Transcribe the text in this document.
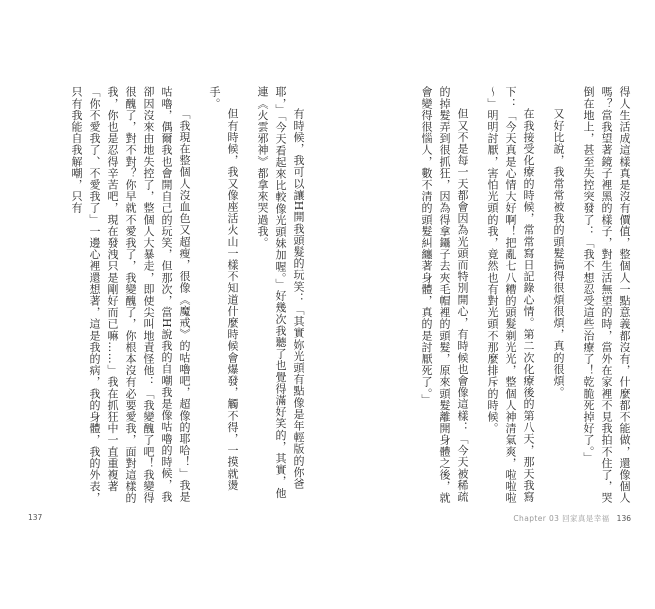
得人生活成這樣真是沒有價值，整個人一點意義都沒有，什麼都不能做，還像個人嗎？當我望著鏡子裡黑的樣子，對生活無望的時，當外在家裡不見我拍不住了，哭倒在地上，甚至失控突發了：「我不想忍受這些治療了！乾脆死掉好了。」

又好比說，我常常被我的頭髮搞得很煩很煩，真的很煩。

在我接受化療的時候，常常寫日記錄心情。第二次化療後的第八天，那天我寫下：「今天真是心情大好啊！把亂七八糟的頭髮剃光光，整個人神清氣爽，啦啦啦～」明明討厭，害怕光頭的我，竟然也有對光頭不那麼排斥的時候。

但又不是每一天都會因為光頭而特別開心，有時候也會像這樣：「今天被稀疏的掉髮弄到很抓狂，因為得拿鑷子去夾毛帽裡的頭髮，原來頭髮離開身體之後，就會變得很惱人，數不清的頭髮糾纏著身體，真的是討厭死了。」

有時候，我可以讓H開我頭髮的玩笑：「其實妳光頭有點像是年輕版的你爸耶，」「今天看起來比較像光頭妹加喔。」好幾次我聽了也覺得滿好笑的，其實，他連《火雲邪神》都拿來哭過我。

但有時候，我又像座活火山一樣不知道什麼時候會爆發，觸不得，一摸就燙手。

「我現在整個人沒血色又超瘦，很像《魔戒》的咕嚕吧，超像的耶哈！」我是咕嚕，偶爾我也會開自己的玩笑，但那次，當H說我的自嘲我是像咕嚕的時候，我卻因沒來由地失控了，整個人大暴走，即使尖叫地責怪他：「我變醜了吧！我變得很醜了，對不對？你早就不愛我了，我變醜了，你根本沒有必要愛我，面對這樣的我，你也是忍得辛苦吧，現在發洩只是剛好而已嘛……」我在抓狂中一直重複著「你不愛我了、不愛我了」一邊心裡還想著，這是我的病，我的身體，我的外表，只有我能自我解嘲，只有

137	Chapter 03 回家真是幸福 136
